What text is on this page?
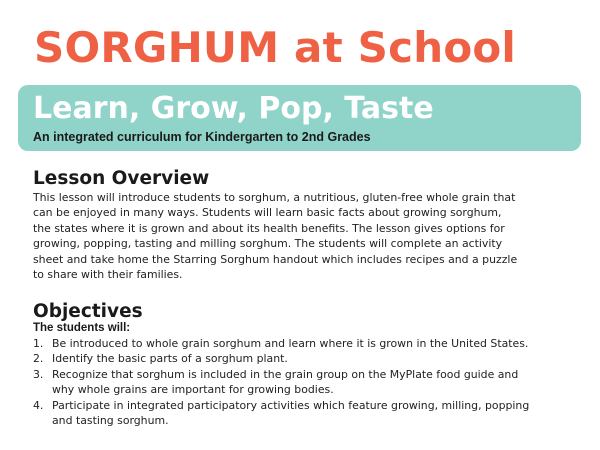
SORGHUM at School
Learn, Grow, Pop, Taste
An integrated curriculum for Kindergarten to 2nd Grades
Lesson Overview
This lesson will introduce students to sorghum, a nutritious, gluten-free whole grain that
can be enjoyed in many ways. Students will learn basic facts about growing sorghum,
the states where it is grown and about its health benefits. The lesson gives options for
growing, popping, tasting and milling sorghum. The students will complete an activity
sheet and take home the Starring Sorghum handout which includes recipes and a puzzle
to share with their families.
Objectives
The students will:
1. Be introduced to whole grain sorghum and learn where it is grown in the United States.
2. Identify the basic parts of a sorghum plant.
3. Recognize that sorghum is included in the grain group on the MyPlate food guide and
why whole grains are important for growing bodies.
4. Participate in integrated participatory activities which feature growing, milling, popping
and tasting sorghum.
